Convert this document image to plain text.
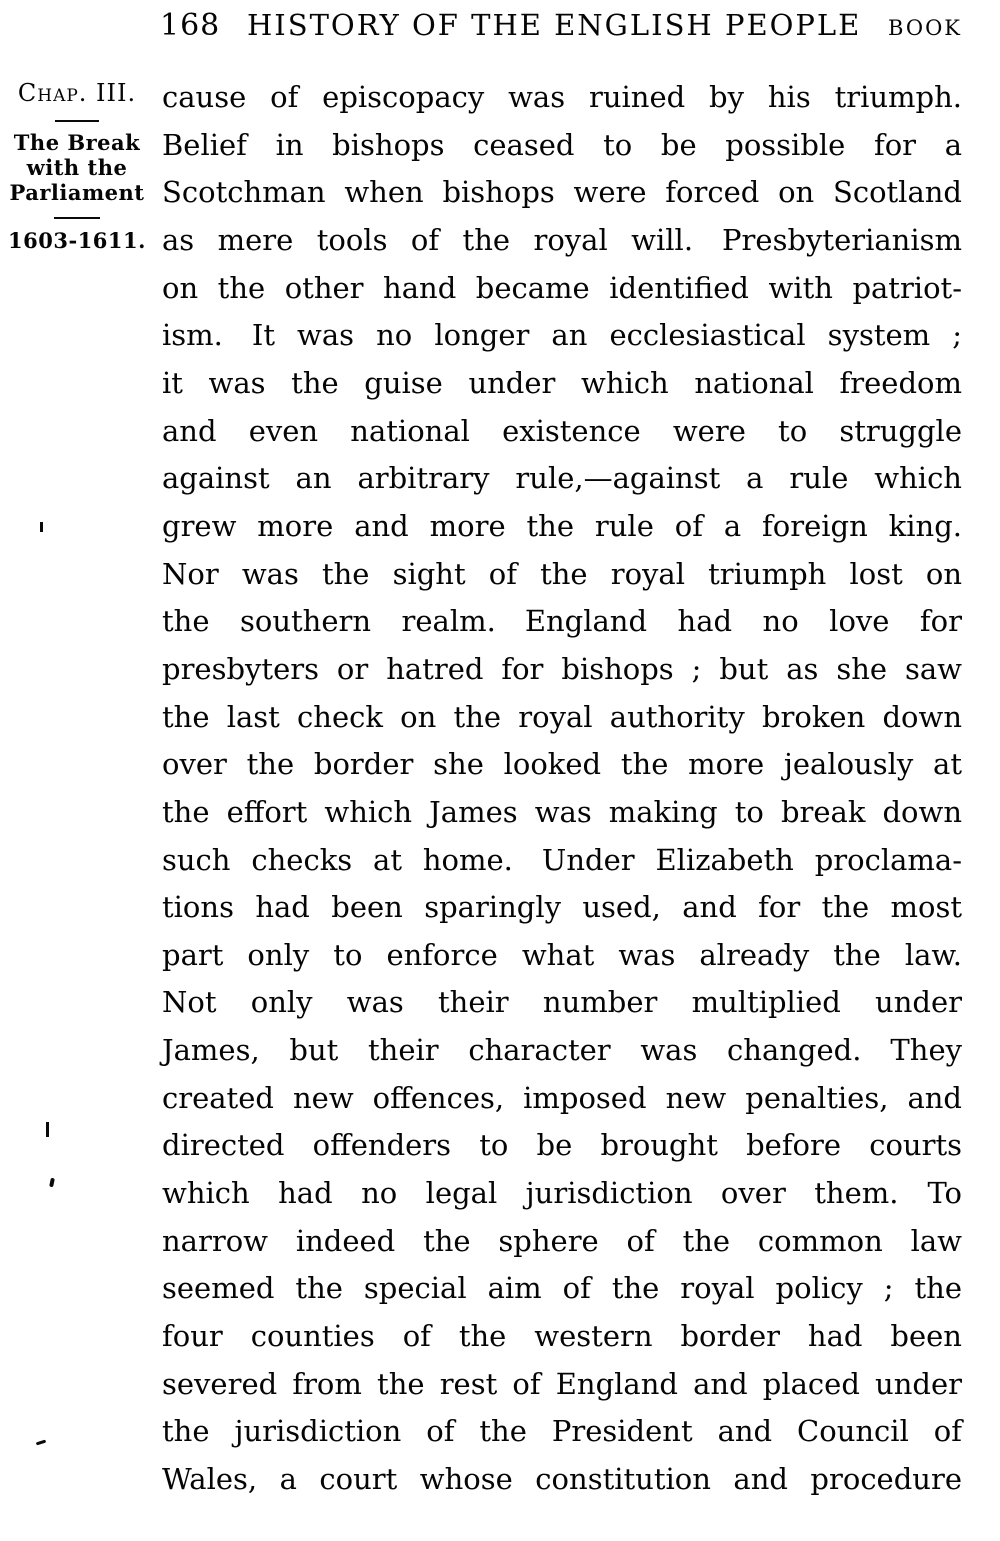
168 HISTORY OF THE ENGLISH PEOPLE BOOK
Chap. III.
The Break
with the
Parliament
1603-1611.
cause of episcopacy was ruined by his triumph.
Belief in bishops ceased to be possible for a
Scotchman when bishops were forced on Scotland
as mere tools of the royal will. Presbyterianism
on the other hand became identified with patriot-
ism. It was no longer an ecclesiastical system ;
it was the guise under which national freedom
and even national existence were to struggle
against an arbitrary rule,—against a rule which
grew more and more the rule of a foreign king.
Nor was the sight of the royal triumph lost on
the southern realm. England had no love for
presbyters or hatred for bishops ; but as she saw
the last check on the royal authority broken down
over the border she looked the more jealously at
the effort which James was making to break down
such checks at home. Under Elizabeth proclama-
tions had been sparingly used, and for the most
part only to enforce what was already the law.
Not only was their number multiplied under
James, but their character was changed. They
created new offences, imposed new penalties, and
directed offenders to be brought before courts
which had no legal jurisdiction over them. To
narrow indeed the sphere of the common law
seemed the special aim of the royal policy ; the
four counties of the western border had been
severed from the rest of England and placed under
the jurisdiction of the President and Council of
Wales, a court whose constitution and procedure
